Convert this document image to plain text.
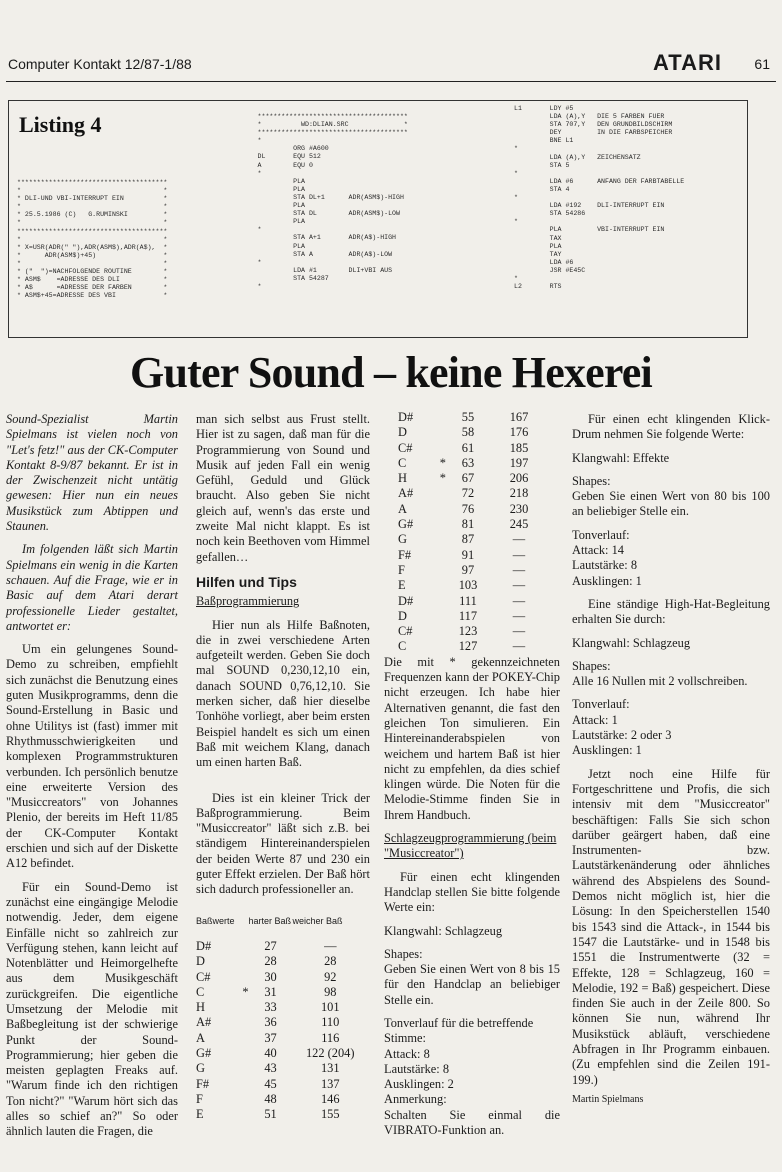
Computer Kontakt 12/87-1/88	ATARI 61
Listing 4
**************************************
*                                    *
* DLI-UND VBI-INTERRUPT EIN          *
*                                    *
* 25.5.1986 (C)   G.RUMINSKI         *
*                                    *
**************************************
*                                    *
* X=USR(ADR(" "),ADR(ASM$),ADR(A$),  *
*      ADR(ASM$)+45)                 *
*                                    *
* ("  ")=NACHFOLGENDE ROUTINE        *
* ASM$    =ADRESSE DES DLI           *
* A$      =ADRESSE DER FARBEN        *
* ASM$+45=ADRESSE DES VBI            *
**************************************
*          WD:DLIAN.SRC              *
**************************************
*
ORG #A600
DL       EQU 512
A        EQU 0
*
PLA
PLA
STA DL+1      ADR(ASM$)-HIGH
PLA
STA DL        ADR(ASM$)-LOW
PLA
*
STA A+1       ADR(A$)-HIGH
PLA
STA A         ADR(A$)-LOW
*
LDA #1        DLI+VBI AUS
STA 54287
*
L1       LDY #5
LDA (A),Y   DIE 5 FARBEN FUER
STA 707,Y   DEN GRUNDBILDSCHIRM
DEY         IN DIE FARBSPEICHER
BNE L1
*
LDA (A),Y   ZEICHENSATZ
STA 5
*
LDA #6      ANFANG DER FARBTABELLE
STA 4
*
LDA #192    DLI-INTERRUPT EIN
STA 54286
*
PLA         VBI-INTERRUPT EIN
TAX
PLA
TAY
LDA #6
JSR #E45C
*
L2       RTS
Guter Sound – keine Hexerei

Sound-Spezialist Martin Spielmans ist vielen noch von "Let's fetz!" aus der CK-Computer Kontakt 8-9/87 bekannt. Er ist in der Zwischenzeit nicht untätig gewesen: Hier nun ein neues Musikstück zum Abtippen und Staunen.

Im folgenden läßt sich Martin Spielmans ein wenig in die Karten schauen. Auf die Frage, wie er in Basic auf dem Atari derart professionelle Lieder gestaltet, antwortet er:

Um ein gelungenes Sound-Demo zu schreiben, empfiehlt sich zunächst die Benutzung eines guten Musikprogramms, denn die Sound-Erstellung in Basic und ohne Utilitys ist (fast) immer mit Rhythmusschwierigkeiten und komplexen Programmstrukturen verbunden. Ich persönlich benutze eine erweiterte Version des "Musiccreators" von Johannes Plenio, der bereits im Heft 11/85 der CK-Computer Kontakt erschien und sich auf der Diskette A12 befindet.

Für ein Sound-Demo ist zunächst eine eingängige Melodie notwendig. Jeder, dem eigene Einfälle nicht so zahlreich zur Verfügung stehen, kann leicht auf Notenblätter und Heimorgelhefte aus dem Musikgeschäft zurückgreifen. Die eigentliche Umsetzung der Melodie mit Baßbegleitung ist der schwierige Punkt der Sound-Programmierung; hier geben die meisten geplagten Freaks auf. "Warum finde ich den richtigen Ton nicht?" "Warum hört sich das alles so schief an?" So oder ähnlich lauten die Fragen, die

man sich selbst aus Frust stellt. Hier ist zu sagen, daß man für die Programmierung von Sound und Musik auf jeden Fall ein wenig Gefühl, Geduld und Glück braucht. Also geben Sie nicht gleich auf, wenn's das erste und zweite Mal nicht klappt. Es ist noch kein Beethoven vom Himmel gefallen…

Hilfen und Tips

Baßprogrammierung

Hier nun als Hilfe Baßnoten, die in zwei verschiedene Arten aufgeteilt werden. Geben Sie doch mal SOUND 0,230,12,10 ein, danach SOUND 0,76,12,10. Sie merken sicher, daß hier dieselbe Tonhöhe vorliegt, aber beim ersten Beispiel handelt es sich um einen Baß mit weichem Klang, danach um einen harten Baß.

Dies ist ein kleiner Trick der Baßprogrammierung. Beim "Musiccreator" läßt sich z.B. bei ständigem Hintereinanderspielen der beiden Werte 87 und 230 ein guter Effekt erzielen. Der Baß hört sich dadurch professioneller an.

Baßwerte		harter Baß	weicher Baß
D#		27	—
D		28	28
C#		30	92
C	*	31	98
H		33	101
A#		36	110
A		37	116
G#		40	122 (204)
G		43	131
F#		45	137
F		48	146
E		51	155
D#		55	167
D		58	176
C#		61	185
C	*	63	197
H	*	67	206
A#		72	218
A		76	230
G#		81	245
G		87	—
F#		91	—
F		97	—
E		103	—
D#		111	—
D		117	—
C#		123	—
C		127	—

Die mit * gekennzeichneten Frequenzen kann der POKEY-Chip nicht erzeugen. Ich habe hier Alternativen genannt, die fast den gleichen Ton simulieren. Ein Hintereinanderabspielen von weichem und hartem Baß ist hier nicht zu empfehlen, da dies schief klingen würde. Die Noten für die Melodie-Stimme finden Sie in Ihrem Handbuch.

Schlagzeugprogrammierung (beim "Musiccreator")

Für einen echt klingenden Handclap stellen Sie bitte folgende Werte ein:

Klangwahl: Schlagzeug

Shapes:

Geben Sie einen Wert von 8 bis 15 für den Handclap an beliebiger Stelle ein.

Tonverlauf für die betreffende Stimme:

Attack: 8

Lautstärke: 8

Ausklingen: 2

Anmerkung:

Schalten Sie einmal die VIBRATO-Funktion an.

Für einen echt klingenden Klick-Drum nehmen Sie folgende Werte:

Klangwahl: Effekte

Shapes:

Geben Sie einen Wert von 80 bis 100 an beliebiger Stelle ein.

Tonverlauf:

Attack: 14

Lautstärke: 8

Ausklingen: 1

Eine ständige High-Hat-Begleitung erhalten Sie durch:

Klangwahl: Schlagzeug

Shapes:

Alle 16 Nullen mit 2 vollschreiben.

Tonverlauf:

Attack: 1

Lautstärke: 2 oder 3

Ausklingen: 1

Jetzt noch eine Hilfe für Fortgeschrittene und Profis, die sich intensiv mit dem "Musiccreator" beschäftigen: Falls Sie sich schon darüber geärgert haben, daß eine Instrumenten- bzw. Lautstärkenänderung oder ähnliches während des Abspielens des Sound-Demos nicht möglich ist, hier die Lösung: In den Speicherstellen 1540 bis 1543 sind die Attack-, in 1544 bis 1547 die Lautstärke- und in 1548 bis 1551 die Instrumentwerte (32 = Effekte, 128 = Schlagzeug, 160 = Melodie, 192 = Baß) gespeichert. Diese finden Sie auch in der Zeile 800. So können Sie nun, während Ihr Musikstück abläuft, verschiedene Abfragen in Ihr Programm einbauen. (Zu empfehlen sind die Zeilen 191-199.)

Martin Spielmans
